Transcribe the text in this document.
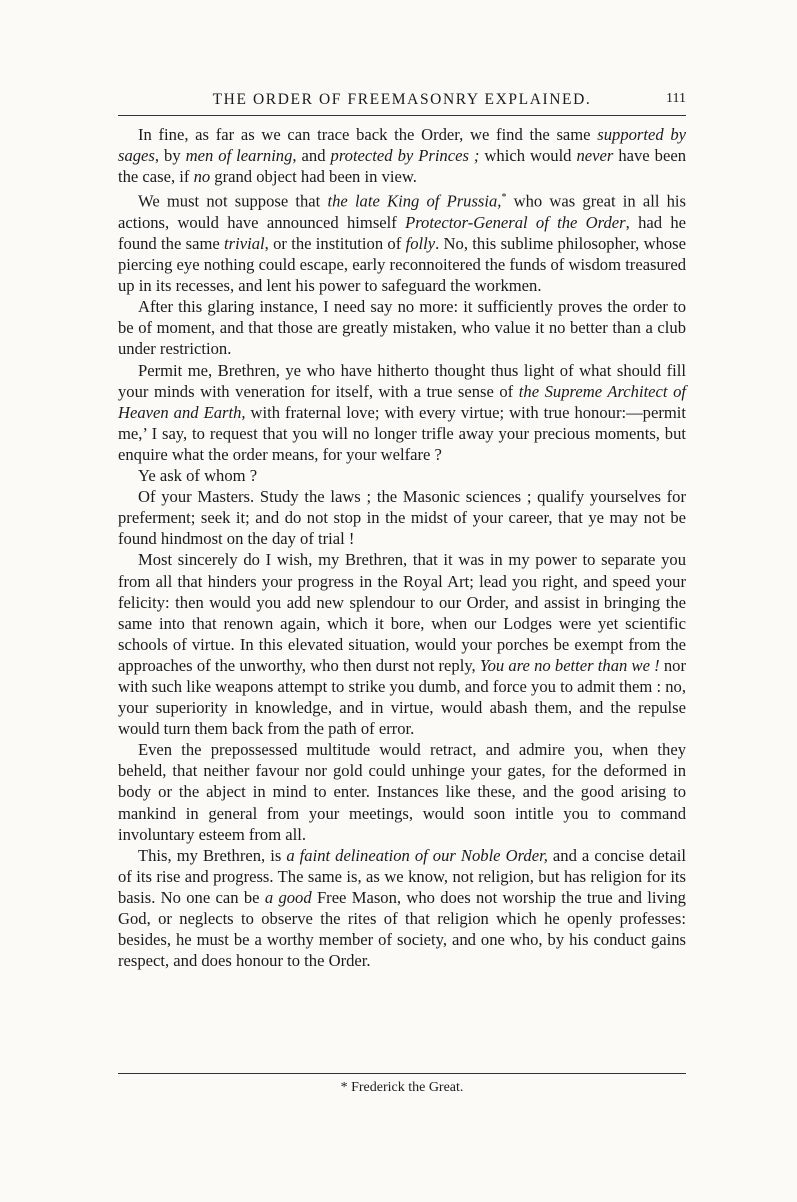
THE ORDER OF FREEMASONRY EXPLAINED.	111

In fine, as far as we can trace back the Order, we find the same supported by sages, by men of learning, and protected by Princes ; which would never have been the case, if no grand object had been in view.

We must not suppose that the late King of Prussia,* who was great in all his actions, would have announced himself Protector-General of the Order, had he found the same trivial, or the institution of folly. No, this sublime philosopher, whose piercing eye nothing could escape, early reconnoitered the funds of wisdom treasured up in its recesses, and lent his power to safeguard the workmen.

After this glaring instance, I need say no more: it sufficiently proves the order to be of moment, and that those are greatly mistaken, who value it no better than a club under restriction.

Permit me, Brethren, ye who have hitherto thought thus light of what should fill your minds with veneration for itself, with a true sense of the Supreme Architect of Heaven and Earth, with fraternal love; with every virtue; with true honour:—permit me,’ I say, to request that you will no longer trifle away your precious moments, but enquire what the order means, for your welfare ?

Ye ask of whom ?

Of your Masters. Study the laws ; the Masonic sciences ; qualify yourselves for preferment; seek it; and do not stop in the midst of your career, that ye may not be found hindmost on the day of trial !

Most sincerely do I wish, my Brethren, that it was in my power to separate you from all that hinders your progress in the Royal Art; lead you right, and speed your felicity: then would you add new splendour to our Order, and assist in bringing the same into that renown again, which it bore, when our Lodges were yet scientific schools of virtue. In this elevated situation, would your porches be exempt from the approaches of the unworthy, who then durst not reply, You are no better than we ! nor with such like weapons attempt to strike you dumb, and force you to admit them : no, your superiority in knowledge, and in virtue, would abash them, and the repulse would turn them back from the path of error.

Even the prepossessed multitude would retract, and admire you, when they beheld, that neither favour nor gold could unhinge your gates, for the deformed in body or the abject in mind to enter. Instances like these, and the good arising to mankind in general from your meetings, would soon intitle you to command involuntary esteem from all.

This, my Brethren, is a faint delineation of our Noble Order, and a concise detail of its rise and progress. The same is, as we know, not religion, but has religion for its basis. No one can be a good Free Mason, who does not worship the true and living God, or neglects to observe the rites of that religion which he openly professes: besides, he must be a worthy member of society, and one who, by his conduct gains respect, and does honour to the Order.

* Frederick the Great.
